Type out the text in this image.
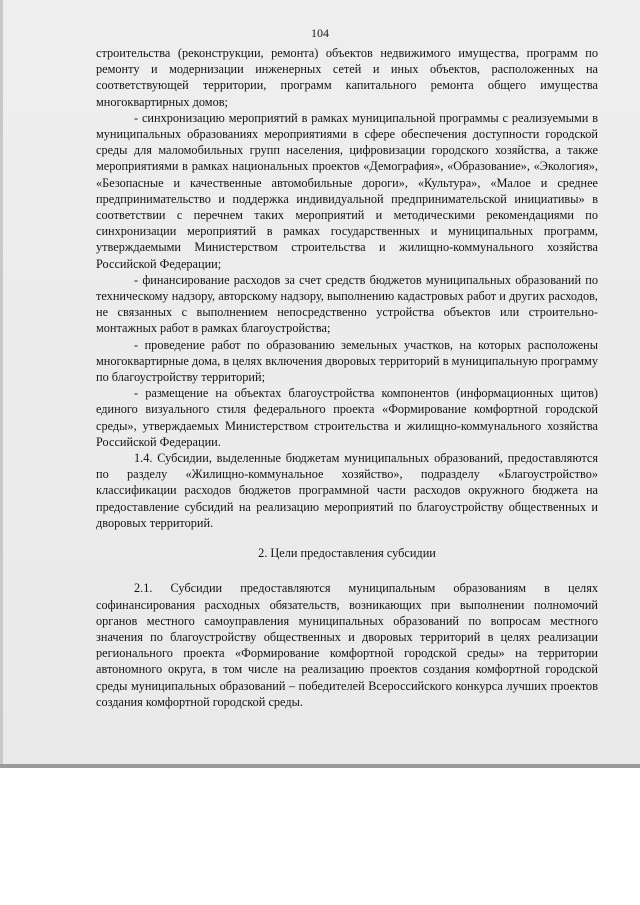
104

строительства (реконструкции, ремонта) объектов недвижимого имущества, программ по ремонту и модернизации инженерных сетей и иных объектов, расположенных на соответствующей территории, программ капитального ремонта общего имущества многоквартирных домов;

- синхронизацию мероприятий в рамках муниципальной программы с реализуемыми в муниципальных образованиях мероприятиями в сфере обеспечения доступности городской среды для маломобильных групп населения, цифровизации городского хозяйства, а также мероприятиями в рамках национальных проектов «Демография», «Образование», «Экология», «Безопасные и качественные автомобильные дороги», «Культура», «Малое и среднее предпринимательство и поддержка индивидуальной предпринимательской инициативы» в соответствии с перечнем таких мероприятий и методическими рекомендациями по синхронизации мероприятий в рамках государственных и муниципальных программ, утверждаемыми Министерством строительства и жилищно-коммунального хозяйства Российской Федерации;

- финансирование расходов за счет средств бюджетов муниципальных образований по техническому надзору, авторскому надзору, выполнению кадастровых работ и других расходов, не связанных с выполнением непосредственно устройства объектов или строительно-монтажных работ в рамках благоустройства;

- проведение работ по образованию земельных участков, на которых расположены многоквартирные дома, в целях включения дворовых территорий в муниципальную программу по благоустройству территорий;

- размещение на объектах благоустройства компонентов (информационных щитов) единого визуального стиля федерального проекта «Формирование комфортной городской среды», утверждаемых Министерством строительства и жилищно-коммунального хозяйства Российской Федерации.

1.4. Субсидии, выделенные бюджетам муниципальных образований, предоставляются по разделу «Жилищно-коммунальное хозяйство», подразделу «Благоустройство» классификации расходов бюджетов программной части расходов окружного бюджета на предоставление субсидий на реализацию мероприятий по благоустройству общественных и дворовых территорий.

2. Цели предоставления субсидии

2.1. Субсидии предоставляются муниципальным образованиям в целях софинансирования расходных обязательств, возникающих при выполнении полномочий органов местного самоуправления муниципальных образований по вопросам местного значения по благоустройству общественных и дворовых территорий в целях реализации регионального проекта «Формирование комфортной городской среды» на территории автономного округа, в том числе на реализацию проектов создания комфортной городской среды муниципальных образований – победителей Всероссийского конкурса лучших проектов создания комфортной городской среды.
